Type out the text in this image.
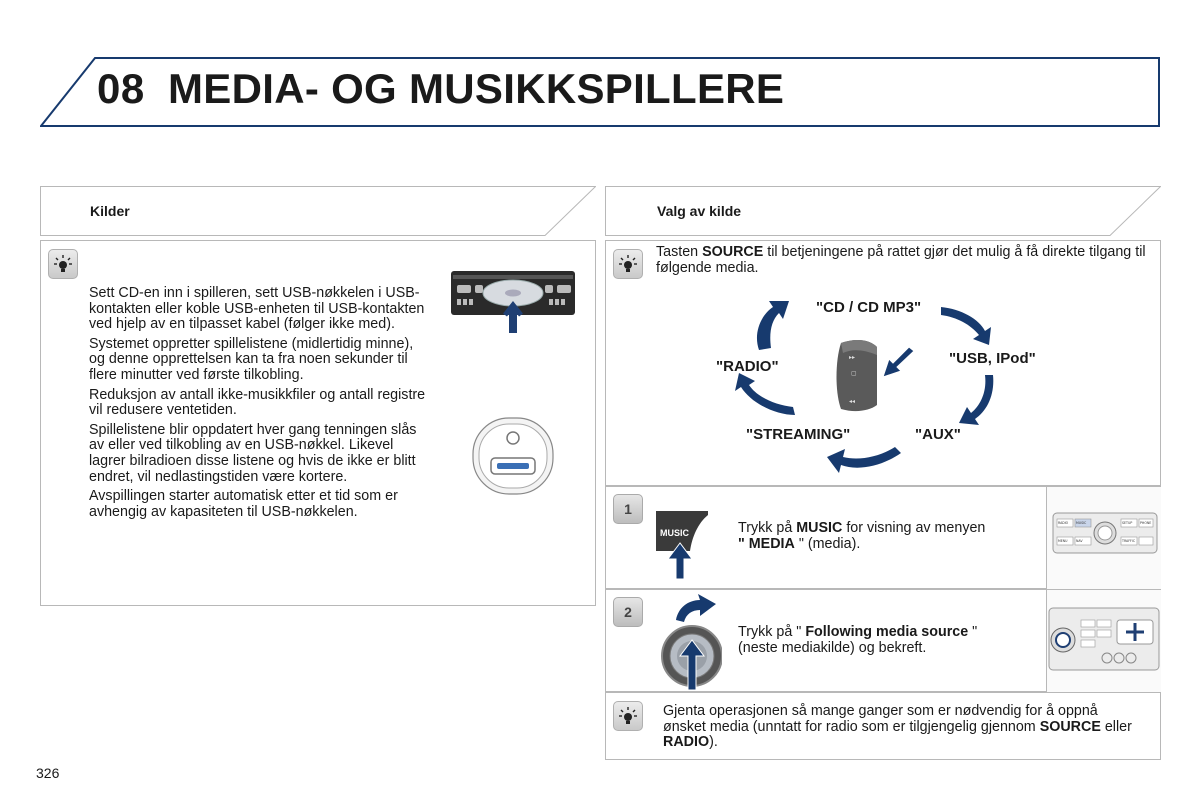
08 MEDIA- OG MUSIKKSPILLERE
Kilder	Valg av kilde

Sett CD-en inn i spilleren, sett USB-nøkkelen i USB-kontakten eller koble USB-enheten til USB-kontakten ved hjelp av en tilpasset kabel (følger ikke med).

Systemet oppretter spillelistene (midlertidig minne), og denne opprettelsen kan ta fra noen sekunder til flere minutter ved første tilkobling.

Reduksjon av antall ikke-musikkfiler og antall registre vil redusere ventetiden.

Spillelistene blir oppdatert hver gang tenningen slås av eller ved tilkobling av en USB-nøkkel. Likevel lagrer bilradioen disse listene og hvis de ikke er blitt endret, vil nedlastingstiden være kortere.

Avspillingen starter automatisk etter et tid som er avhengig av kapasiteten til USB-nøkkelen.

Tasten SOURCE til betjeningene på rattet gjør det mulig å få direkte tilgang til følgende media.

▸▸
▢
◂◂
"CD / CD MP3"
"USB, IPod"
"AUX"
"STREAMING"
"RADIO"
1
MUSIC	Trykk på MUSIC for visning av menyen
" MEDIA " (media).

RADIO MUSIC	SETUP PHONE
MENU	NAV	TRAFFIC
2

Trykk på " Following media source "
(neste mediakilde) og bekreft.

Gjenta operasjonen så mange ganger som er nødvendig for å oppnå ønsket media (unntatt for radio som er tilgjengelig gjennom SOURCE eller RADIO).

326
